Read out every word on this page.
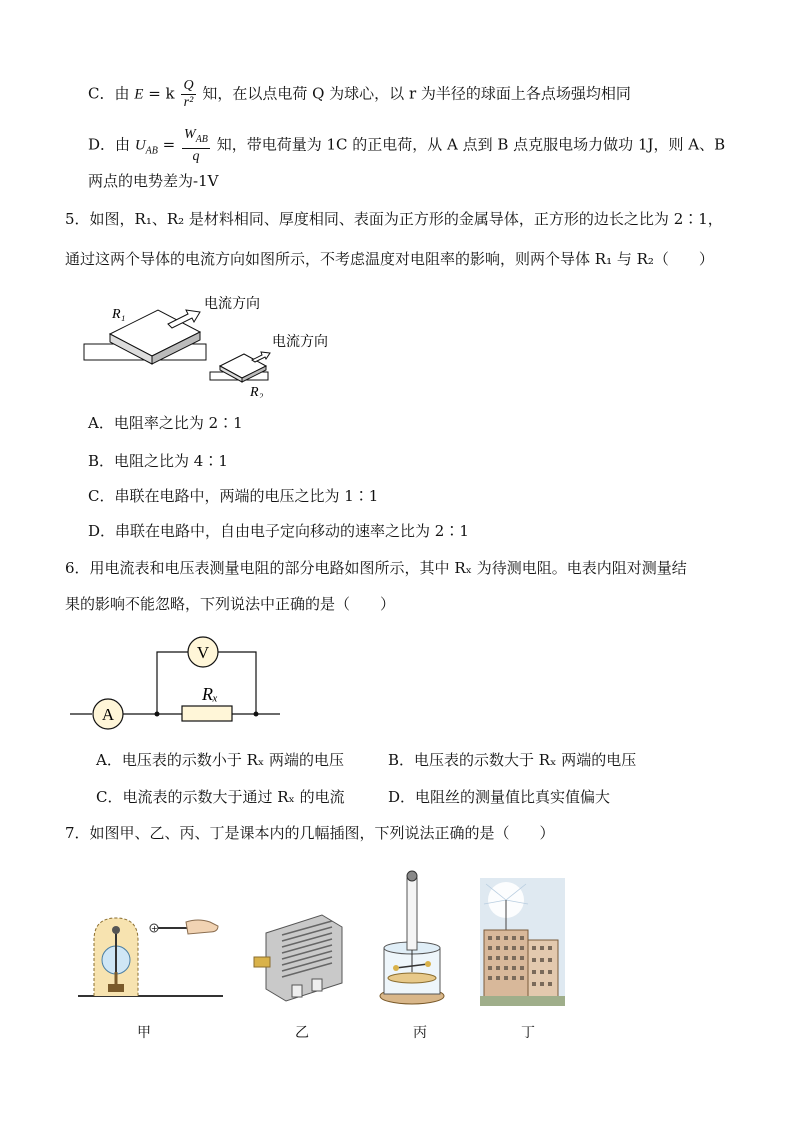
C．由 E = k $\frac{Q}{\text{r²}}$ 知，在以点电荷 Q 为球心，以 r 为半径的球面上各点场强均相同
D．由 $U_{AB} = \frac{W_{AB}}{q}$ 知，带电荷量为 1C 的正电荷，从 A 点到 B 点克服电场力做功 1J，则 A、B
两点的电势差为-1V
5．如图，R₁、R₂ 是材料相同、厚度相同、表面为正方形的金属导体，正方形的边长之比为 2∶1，
通过这两个导体的电流方向如图所示，不考虑温度对电阻率的影响，则两个导体 R₁ 与 R₂（　　）
R₁
电流方向
R₂
电流方向
A．电阻率之比为 2∶1
B．电阻之比为 4∶1
C．串联在电路中，两端的电压之比为 1∶1
D．串联在电路中，自由电子定向移动的速率之比为 2∶1
6．用电流表和电压表测量电阻的部分电路如图所示，其中 Rₓ 为待测电阻。电表内阻对测量结
果的影响不能忽略，下列说法中正确的是（　　）
A
Rₓ
V
A．电压表的示数小于 Rₓ 两端的电压	B．电压表的示数大于 Rₓ 两端的电压
C．电流表的示数大于通过 Rₓ 的电流	D．电阻丝的测量值比真实值偏大
7．如图甲、乙、丙、丁是课本内的几幅插图，下列说法正确的是（　　）
+
甲	乙	丙	丁
